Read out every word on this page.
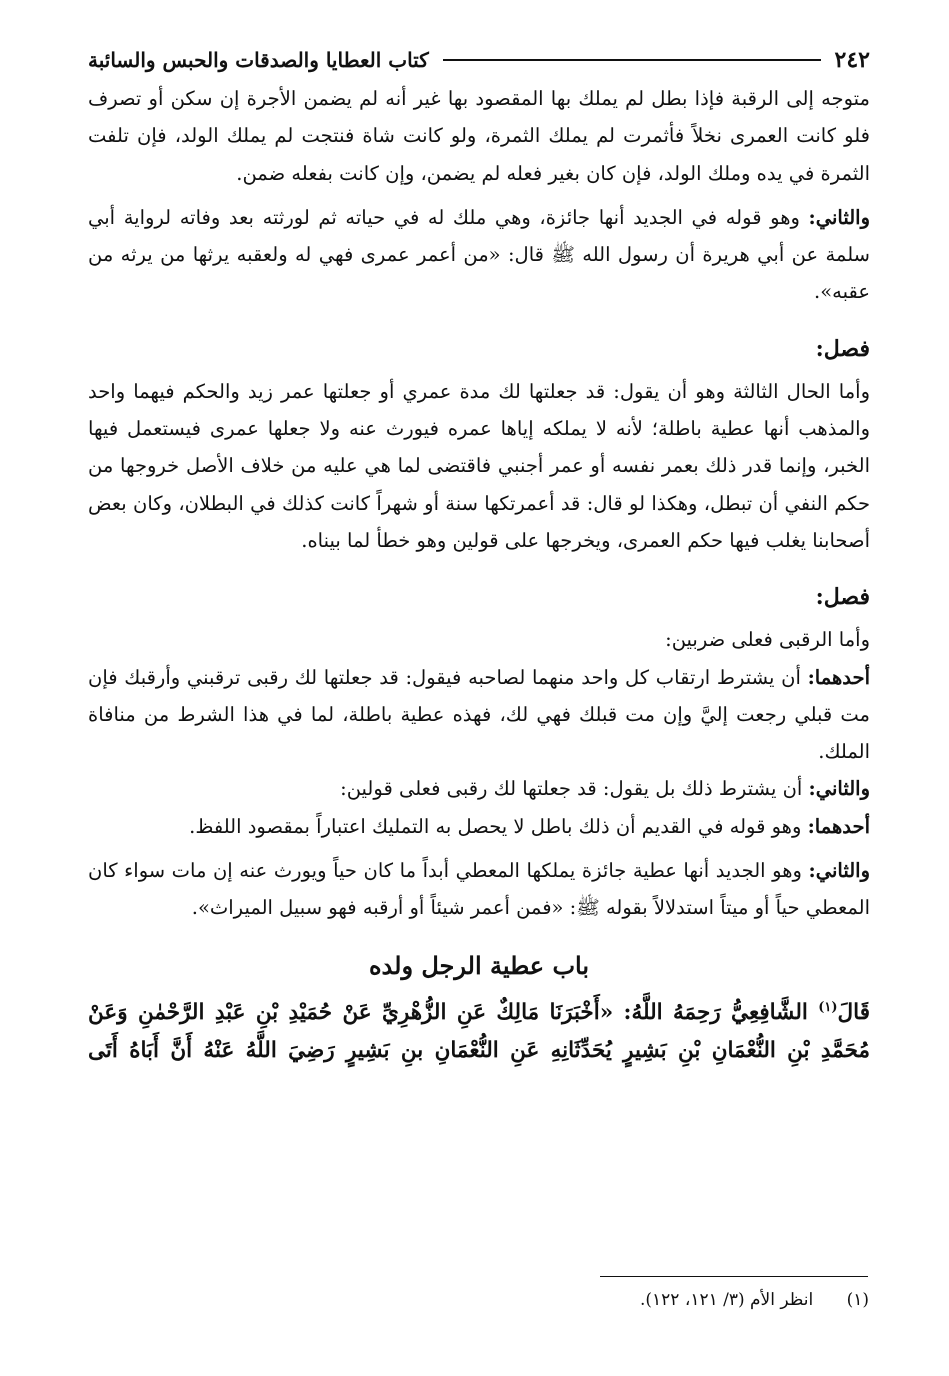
٢٤٢
كتاب العطايا والصدقات والحبس والسائبة

متوجه إلى الرقبة فإذا بطل لم يملك بها المقصود بها غير أنه لم يضمن الأجرة إن سكن أو تصرف فلو كانت العمرى نخلاً فأثمرت لم يملك الثمرة، ولو كانت شاة فنتجت لم يملك الولد، فإن تلفت الثمرة في يده وملك الولد، فإن كان بغير فعله لم يضمن، وإن كانت بفعله ضمن.

والثاني: وهو قوله في الجديد أنها جائزة، وهي ملك له في حياته ثم لورثته بعد وفاته لرواية أبي سلمة عن أبي هريرة أن رسول الله ﷺ قال: «من أعمر عمرى فهي له ولعقبه يرثها من يرثه من عقبه».

فصل:

وأما الحال الثالثة وهو أن يقول: قد جعلتها لك مدة عمري أو جعلتها عمر زيد والحكم فيهما واحد والمذهب أنها عطية باطلة؛ لأنه لا يملكه إياها عمره فيورث عنه ولا جعلها عمرى فيستعمل فيها الخبر، وإنما قدر ذلك بعمر نفسه أو عمر أجنبي فاقتضى لما هي عليه من خلاف الأصل خروجها من حكم النفي أن تبطل، وهكذا لو قال: قد أعمرتكها سنة أو شهراً كانت كذلك في البطلان، وكان بعض أصحابنا يغلب فيها حكم العمرى، ويخرجها على قولين وهو خطأ لما بيناه.

فصل:

وأما الرقبى فعلى ضربين:

أحدهما: أن يشترط ارتقاب كل واحد منهما لصاحبه فيقول: قد جعلتها لك رقبى ترقبني وأرقبك فإن مت قبلي رجعت إليَّ وإن مت قبلك فهي لك، فهذه عطية باطلة، لما في هذا الشرط من منافاة الملك.

والثاني: أن يشترط ذلك بل يقول: قد جعلتها لك رقبى فعلى قولين:

أحدهما: وهو قوله في القديم أن ذلك باطل لا يحصل به التمليك اعتباراً بمقصود اللفظ.

والثاني: وهو الجديد أنها عطية جائزة يملكها المعطي أبداً ما كان حياً ويورث عنه إن مات سواء كان المعطي حياً أو ميتاً استدلالاً بقوله ﷺ: «فمن أعمر شيئاً أو أرقبه فهو سبيل الميراث».

باب عطية الرجل ولده

قَالَ$^{(١)}$ الشَّافِعِيُّ رَحِمَهُ اللَّهُ: «أَخْبَرَنَا مَالِكٌ عَنِ الزُّهْرِيِّ عَنْ حُمَيْدِ بْنِ عَبْدِ الرَّحْمٰنِ وَعَنْ مُحَمَّدِ بْنِ النُّعْمَانِ بْنِ بَشِيرٍ يُحَدِّثَانِهِ عَنِ النُّعْمَانِ بنِ بَشِيرٍ رَضِيَ اللَّهُ عَنْهُ أَنَّ أَبَاهُ أَتَى

(١) انظر الأم (٣/ ١٢١، ١٢٢).
